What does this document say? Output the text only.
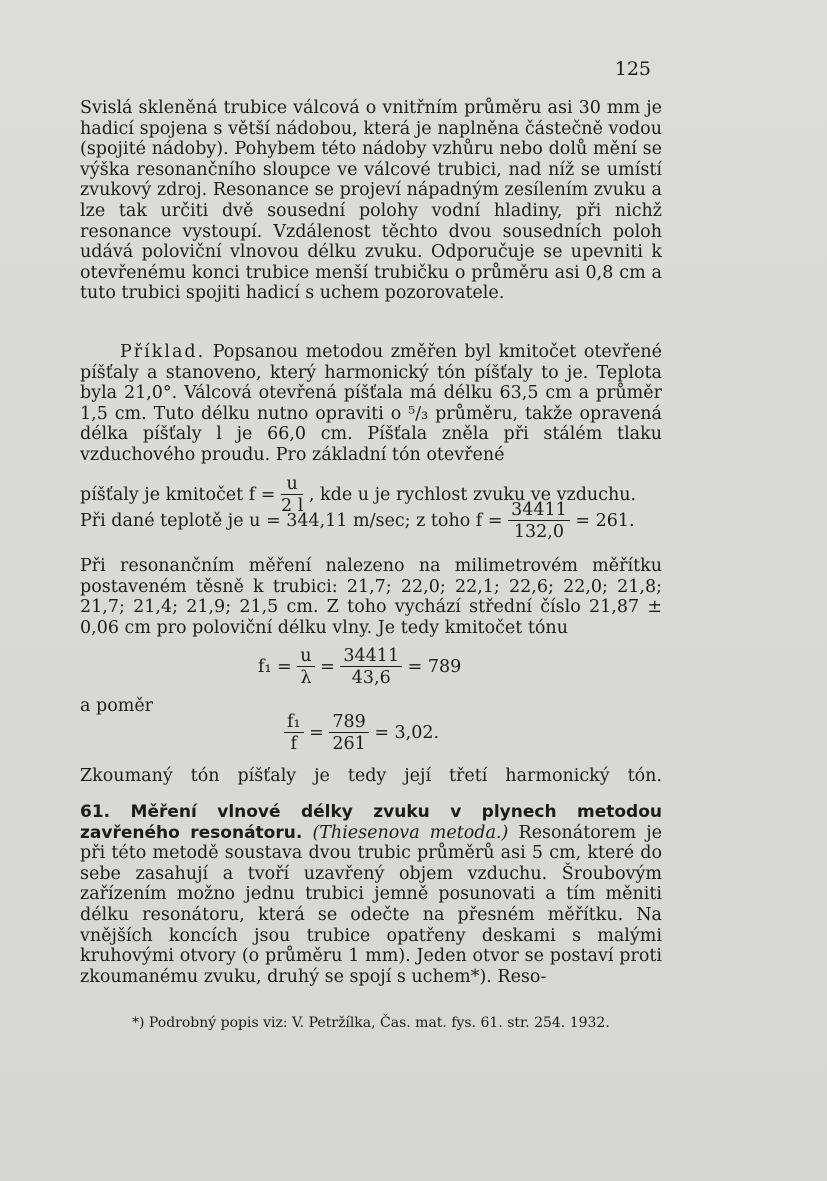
125
Svislá skleněná trubice válcová o vnitřním průměru asi 30 mm je hadicí spojena s větší nádobou, která je naplněna částečně vodou (spojité nádoby). Pohybem této nádoby vzhůru nebo dolů mění se výška resonančního sloupce ve válcové trubici, nad níž se umístí zvukový zdroj. Resonance se projeví nápadným zesílením zvuku a lze tak určiti dvě sousední polohy vodní hladiny, při nichž resonance vystoupí. Vzdálenost těchto dvou sousedních poloh udává poloviční vlnovou délku zvuku. Odporučuje se upevniti k otevřenému konci trubice menší trubičku o průměru asi 0,8 cm a tuto trubici spojiti hadicí s uchem pozorovatele.
Příklad. Popsanou metodou změřen byl kmitočet otevřené píšťaly a stanoveno, který harmonický tón píšťaly to je. Teplota byla 21,0°. Válcová otevřená píšťala má délku 63,5 cm a průměr 1,5 cm. Tuto délku nutno opraviti o ⁵/₃ průměru, takže opravená délka píšťaly l je 66,0 cm. Píšťala zněla při stálém tlaku vzduchového proudu. Pro základní tón otevřené
píšťaly je kmitočet $f = \frac{u}{2 l}$ , kde u je rychlost zvuku ve vzduchu.
Při dané teplotě je u = 344,11 m/sec; z toho $f = \frac{34411}{132,0} = 261$.
Při resonančním měření nalezeno na milimetrovém měřítku postaveném těsně k trubici: 21,7; 22,0; 22,1; 22,6; 22,0; 21,8; 21,7; 21,4; 21,9; 21,5 cm. Z toho vychází střední číslo 21,87 ± 0,06 cm pro poloviční délku vlny. Je tedy kmitočet tónu
$f_1 = \frac{u}{\lambda} = \frac{34411}{43,6} = 789$
a poměr
$\frac{\text{f₁}}{f} = \frac{789}{261} = 3,02$.
Zkoumaný tón píšťaly je tedy její třetí harmonický tón.
61. Měření vlnové délky zvuku v plynech metodou zavřeného resonátoru. (Thiesenova metoda.) Resonátorem je při této metodě soustava dvou trubic průměrů asi 5 cm, které do sebe zasahují a tvoří uzavřený objem vzduchu. Šroubovým zařízením možno jednu trubici jemně posunovati a tím měniti délku resonátoru, která se odečte na přesném měřítku. Na vnějších koncích jsou trubice opatřeny deskami s malými kruhovými otvory (o průměru 1 mm). Jeden otvor se postaví proti zkoumanému zvuku, druhý se spojí s uchem*). Reso-
*) Podrobný popis viz: V. Petržílka, Čas. mat. fys. 61. str. 254. 1932.
